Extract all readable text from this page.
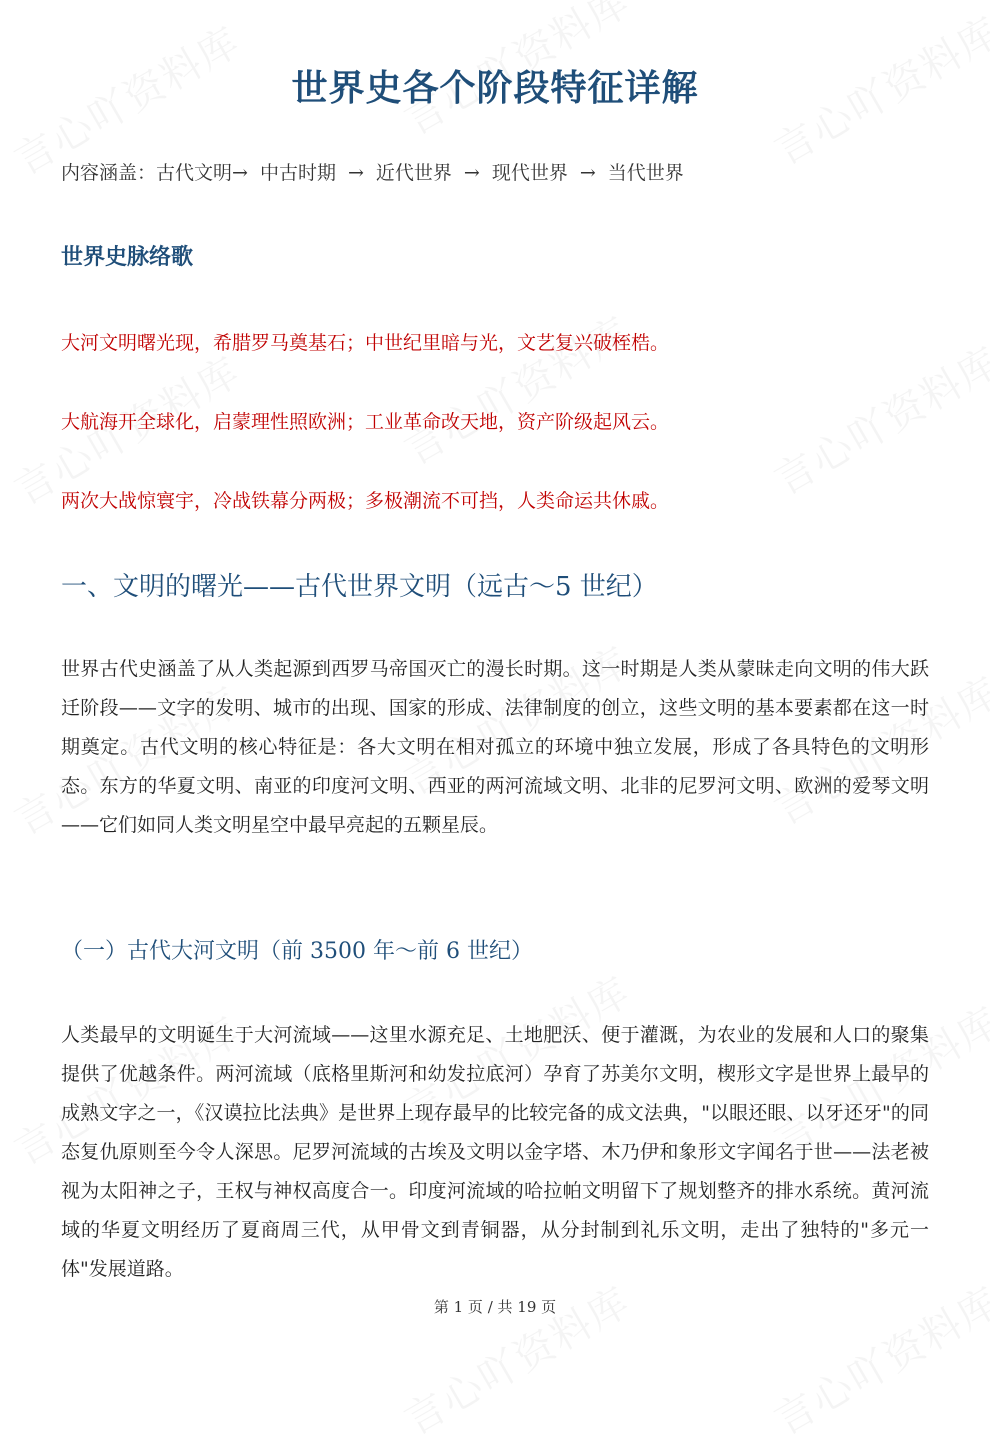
世界史各个阶段特征详解
内容涵盖：古代文明→ 中古时期 → 近代世界 → 现代世界 → 当代世界
世界史脉络歌
大河文明曙光现，希腊罗马奠基石；中世纪里暗与光，文艺复兴破桎梏。
大航海开全球化，启蒙理性照欧洲；工业革命改天地，资产阶级起风云。
两次大战惊寰宇，冷战铁幕分两极；多极潮流不可挡，人类命运共休戚。
一、文明的曙光——古代世界文明（远古～5 世纪）

世界古代史涵盖了从人类起源到西罗马帝国灭亡的漫长时期。这一时期是人类从蒙昧走向文明的伟大跃迁阶段——文字的发明、城市的出现、国家的形成、法律制度的创立，这些文明的基本要素都在这一时期奠定。古代文明的核心特征是：各大文明在相对孤立的环境中独立发展，形成了各具特色的文明形态。东方的华夏文明、南亚的印度河文明、西亚的两河流域文明、北非的尼罗河文明、欧洲的爱琴文明——它们如同人类文明星空中最早亮起的五颗星辰。

（一）古代大河文明（前 3500 年～前 6 世纪）

人类最早的文明诞生于大河流域——这里水源充足、土地肥沃、便于灌溉，为农业的发展和人口的聚集提供了优越条件。两河流域（底格里斯河和幼发拉底河）孕育了苏美尔文明，楔形文字是世界上最早的成熟文字之一，《汉谟拉比法典》是世界上现存最早的比较完备的成文法典，"以眼还眼、以牙还牙"的同态复仇原则至今令人深思。尼罗河流域的古埃及文明以金字塔、木乃伊和象形文字闻名于世——法老被视为太阳神之子，王权与神权高度合一。印度河流域的哈拉帕文明留下了规划整齐的排水系统。黄河流域的华夏文明经历了夏商周三代，从甲骨文到青铜器，从分封制到礼乐文明，走出了独特的"多元一体"发展道路。

第 1 页 / 共 19 页
